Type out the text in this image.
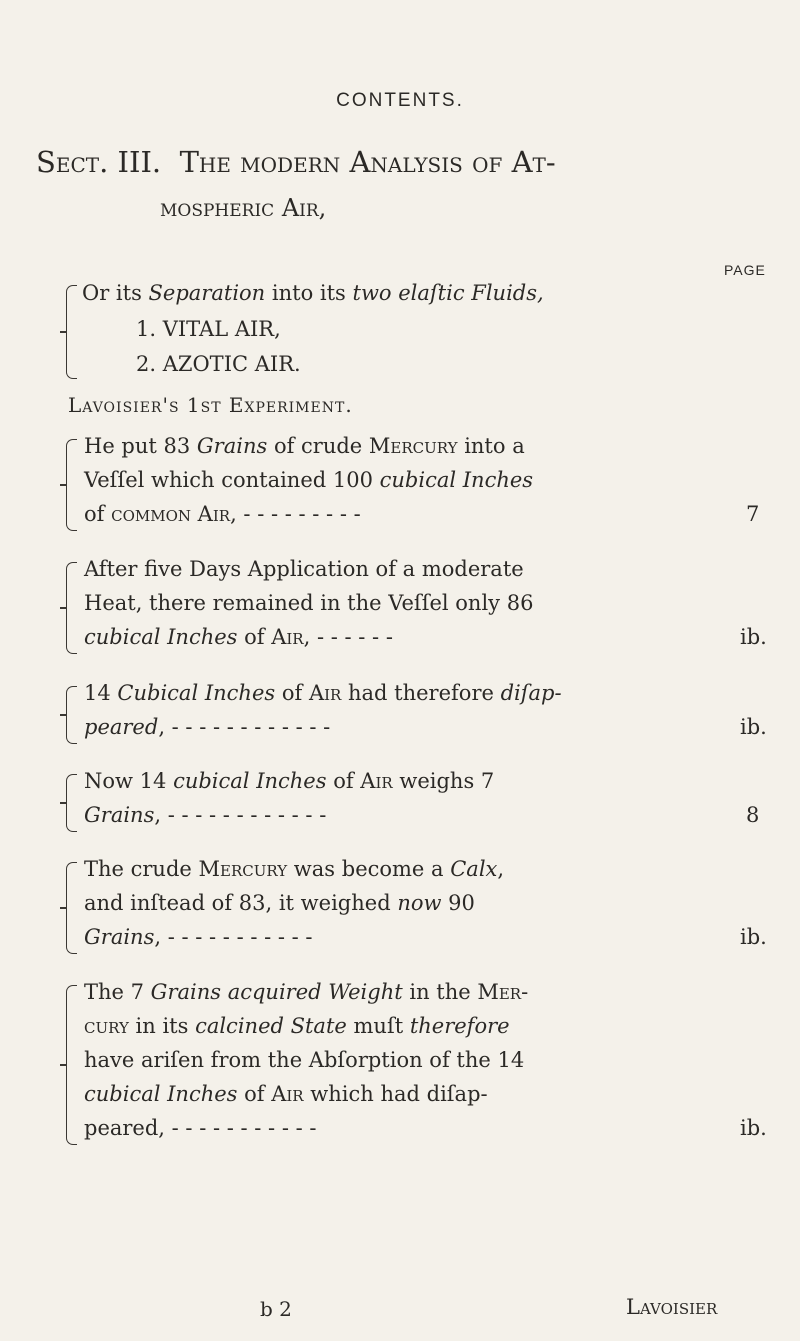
CONTENTS.
Sect. III. The modern Analysis of At-
mospheric Air,
PAGE
Or its Separation into its two elaſtic Fluids,
1. VITAL AIR,
2. AZOTIC AIR.
Lavoisier's 1st Experiment.
He put 83 Grains of crude Mercury into a
Veſſel which contained 100 cubical Inches
of common Air, - - - - - - - - -	7
After five Days Application of a moderate
Heat, there remained in the Veſſel only 86
cubical Inches of Air, - - - - - -	ib.
14 Cubical Inches of Air had therefore diſap-
peared, - - - - - - - - - - - -	ib.
Now 14 cubical Inches of Air weighs 7
Grains, - - - - - - - - - - - -	8
The crude Mercury was become a Calx,
and inſtead of 83, it weighed now 90
Grains, - - - - - - - - - - -	ib.
The 7 Grains acquired Weight in the Mer-
cury in its calcined State muſt therefore
have ariſen from the Abſorption of the 14
cubical Inches of Air which had diſap-
peared, - - - - - - - - - - -	ib.
b 2	Lavoisier
